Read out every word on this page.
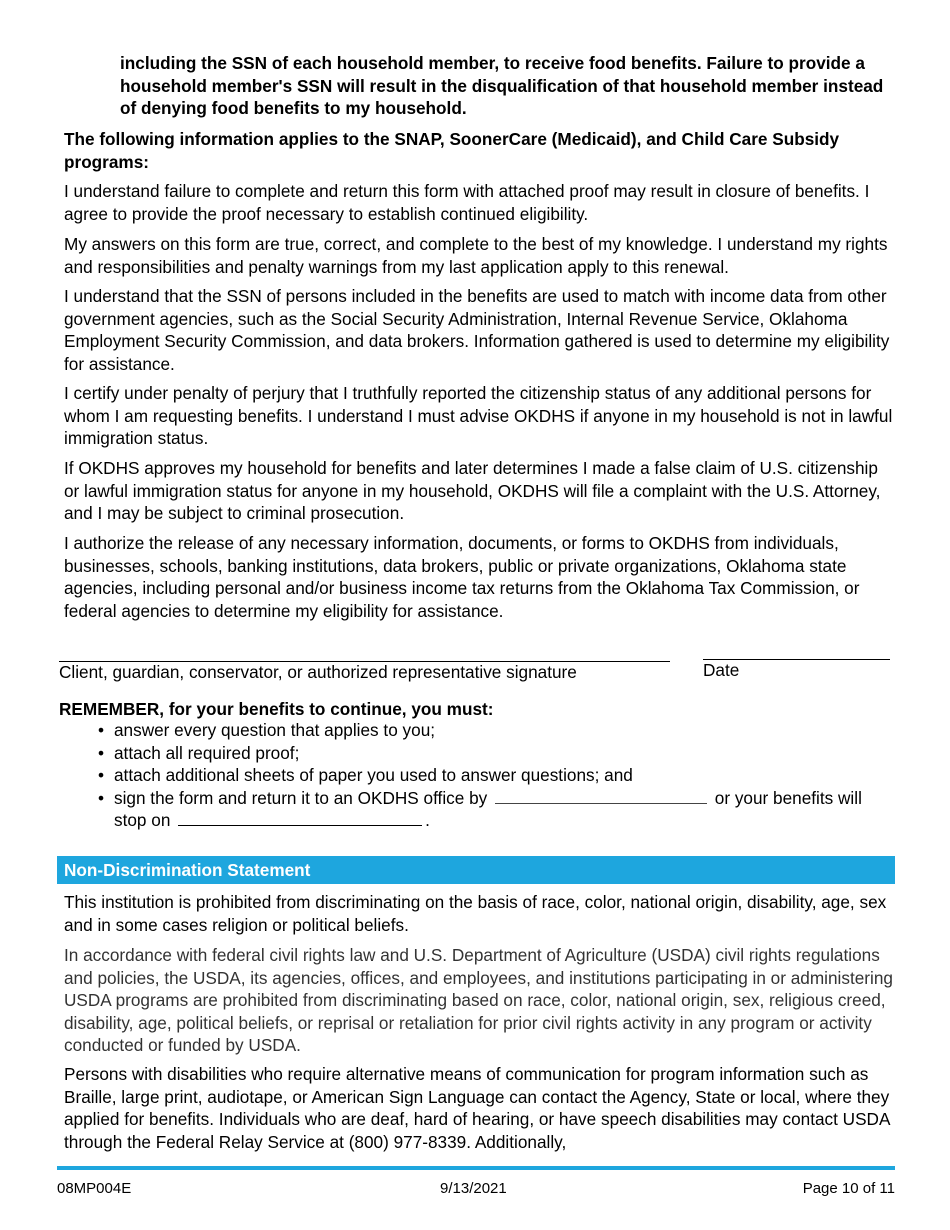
including the SSN of each household member, to receive food benefits. Failure to provide a household member's SSN will result in the disqualification of that household member instead of denying food benefits to my household.

The following information applies to the SNAP, SoonerCare (Medicaid), and Child Care Subsidy programs:

I understand failure to complete and return this form with attached proof may result in closure of benefits. I agree to provide the proof necessary to establish continued eligibility.

My answers on this form are true, correct, and complete to the best of my knowledge. I understand my rights and responsibilities and penalty warnings from my last application apply to this renewal.

I understand that the SSN of persons included in the benefits are used to match with income data from other government agencies, such as the Social Security Administration, Internal Revenue Service, Oklahoma Employment Security Commission, and data brokers. Information gathered is used to determine my eligibility for assistance.

I certify under penalty of perjury that I truthfully reported the citizenship status of any additional persons for whom I am requesting benefits. I understand I must advise OKDHS if anyone in my household is not in lawful immigration status.

If OKDHS approves my household for benefits and later determines I made a false claim of U.S. citizenship or lawful immigration status for anyone in my household, OKDHS will file a complaint with the U.S. Attorney, and I may be subject to criminal prosecution.

I authorize the release of any necessary information, documents, or forms to OKDHS from individuals, businesses, schools, banking institutions, data brokers, public or private organizations, Oklahoma state agencies, including personal and/or business income tax returns from the Oklahoma Tax Commission, or federal agencies to determine my eligibility for assistance.

Client, guardian, conservator, or authorized representative signature	Date
REMEMBER, for your benefits to continue, you must:
• answer every question that applies to you;
• attach all required proof;
• attach additional sheets of paper you used to answer questions; and
• sign the form and return it to an OKDHS office by	or your benefits will stop on	.
Non-Discrimination Statement

This institution is prohibited from discriminating on the basis of race, color, national origin, disability, age, sex and in some cases religion or political beliefs.

In accordance with federal civil rights law and U.S. Department of Agriculture (USDA) civil rights regulations and policies, the USDA, its agencies, offices, and employees, and institutions participating in or administering USDA programs are prohibited from discriminating based on race, color, national origin, sex, religious creed, disability, age, political beliefs, or reprisal or retaliation for prior civil rights activity in any program or activity conducted or funded by USDA.

Persons with disabilities who require alternative means of communication for program information such as Braille, large print, audiotape, or American Sign Language can contact the Agency, State or local, where they applied for benefits. Individuals who are deaf, hard of hearing, or have speech disabilities may contact USDA through the Federal Relay Service at (800) 977-8339. Additionally,

08MP004E	9/13/2021	Page 10 of 11
